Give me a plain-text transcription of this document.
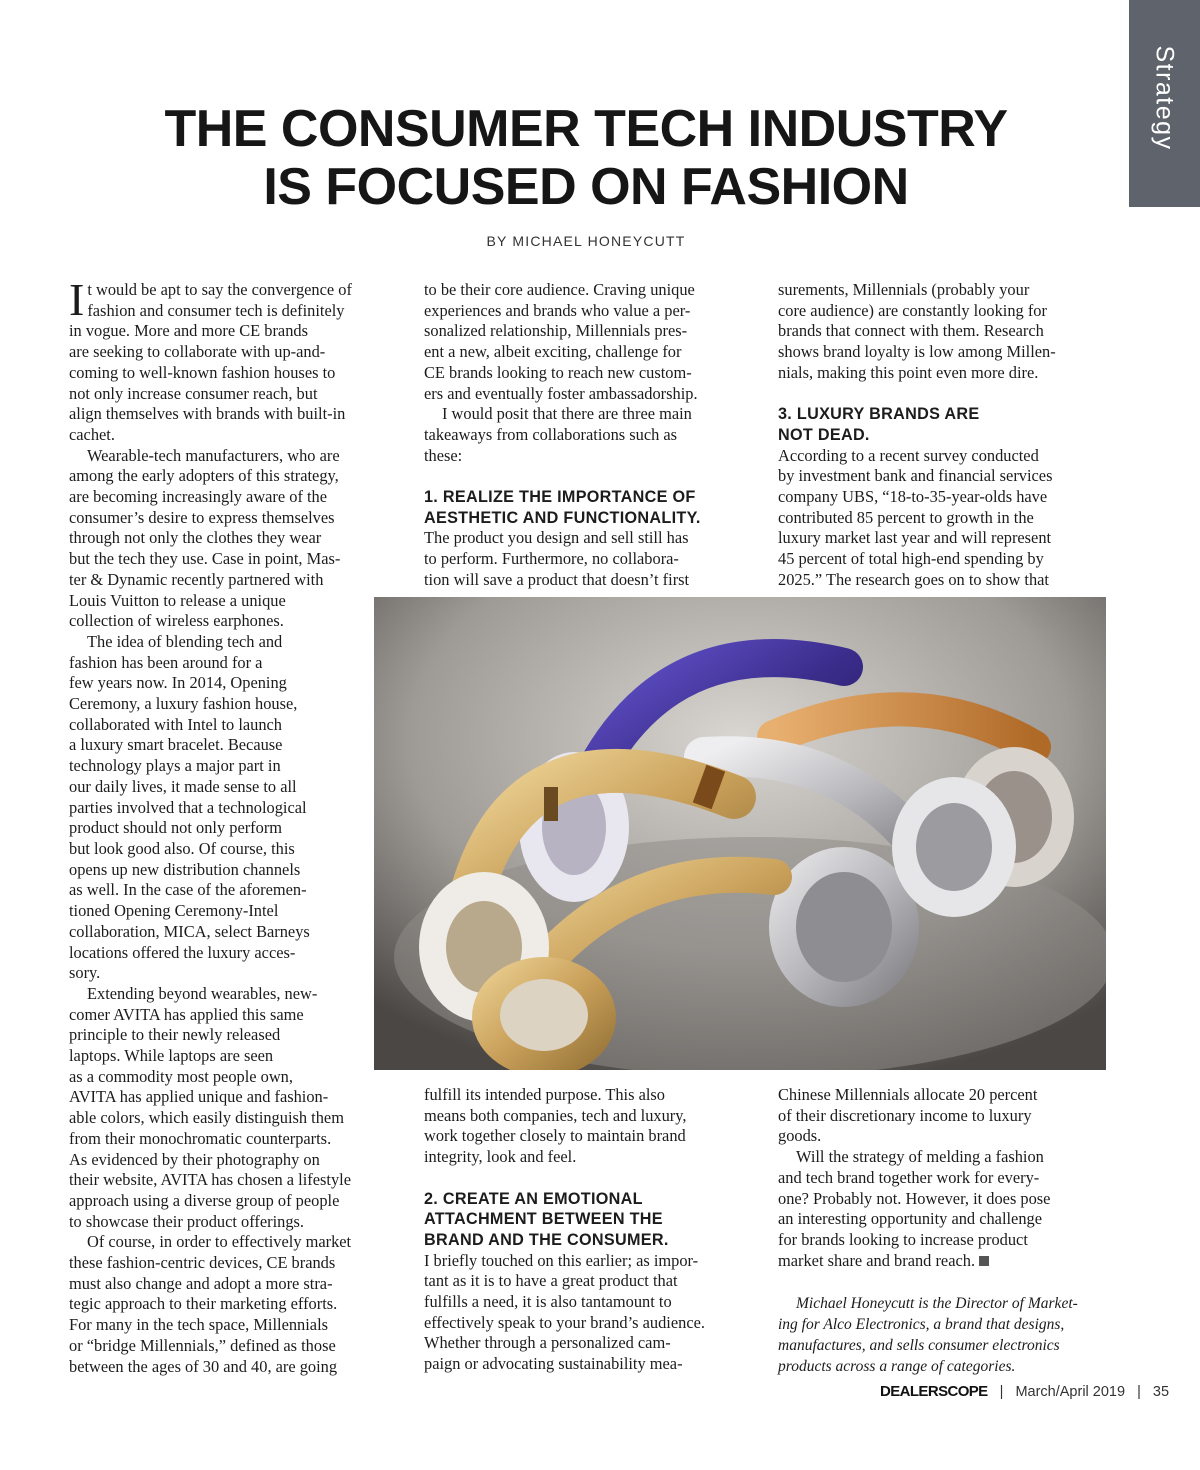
Strategy
THE CONSUMER TECH INDUSTRY
IS FOCUSED ON FASHION
BY MICHAEL HONEYCUTT

It would be apt to say the convergence of

fashion and consumer tech is definitely

in vogue. More and more CE brands

are seeking to collaborate with up-and-

coming to well-known fashion houses to

not only increase consumer reach, but

align themselves with brands with built-in

cachet.

Wearable-tech manufacturers, who are

among the early adopters of this strategy,

are becoming increasingly aware of the

consumer’s desire to express themselves

through not only the clothes they wear

but the tech they use. Case in point, Mas-

ter & Dynamic recently partnered with

Louis Vuitton to release a unique

collection of wireless earphones.

The idea of blending tech and

fashion has been around for a

few years now. In 2014, Opening

Ceremony, a luxury fashion house,

collaborated with Intel to launch

a luxury smart bracelet. Because

technology plays a major part in

our daily lives, it made sense to all

parties involved that a technological

product should not only perform

but look good also. Of course, this

opens up new distribution channels

as well. In the case of the aforemen-

tioned Opening Ceremony-Intel

collaboration, MICA, select Barneys

locations offered the luxury acces-

sory.

Extending beyond wearables, new-

comer AVITA has applied this same

principle to their newly released

laptops. While laptops are seen

as a commodity most people own,

AVITA has applied unique and fashion-

able colors, which easily distinguish them

from their monochromatic counterparts.

As evidenced by their photography on

their website, AVITA has chosen a lifestyle

approach using a diverse group of people

to showcase their product offerings.

Of course, in order to effectively market

these fashion-centric devices, CE brands

must also change and adopt a more stra-

tegic approach to their marketing efforts.

For many in the tech space, Millennials

or “bridge Millennials,” defined as those

between the ages of 30 and 40, are going

to be their core audience. Craving unique

experiences and brands who value a per-

sonalized relationship, Millennials pres-

ent a new, albeit exciting, challenge for

CE brands looking to reach new custom-

ers and eventually foster ambassadorship.

I would posit that there are three main

takeaways from collaborations such as

these:

1. REALIZE THE IMPORTANCE OF

AESTHETIC AND FUNCTIONALITY.

The product you design and sell still has

to perform. Furthermore, no collabora-

tion will save a product that doesn’t first

surements, Millennials (probably your

core audience) are constantly looking for

brands that connect with them. Research

shows brand loyalty is low among Millen-

nials, making this point even more dire.

3. LUXURY BRANDS ARE

NOT DEAD.

According to a recent survey conducted

by investment bank and financial services

company UBS, “18-to-35-year-olds have

contributed 85 percent to growth in the

luxury market last year and will represent

45 percent of total high-end spending by

2025.” The research goes on to show that

fulfill its intended purpose. This also

means both companies, tech and luxury,

work together closely to maintain brand

integrity, look and feel.

2. CREATE AN EMOTIONAL

ATTACHMENT BETWEEN THE

BRAND AND THE CONSUMER.

I briefly touched on this earlier; as impor-

tant as it is to have a great product that

fulfills a need, it is also tantamount to

effectively speak to your brand’s audience.

Whether through a personalized cam-

paign or advocating sustainability mea-

Chinese Millennials allocate 20 percent

of their discretionary income to luxury

goods.

Will the strategy of melding a fashion

and tech brand together work for every-

one? Probably not. However, it does pose

an interesting opportunity and challenge

for brands looking to increase product

market share and brand reach.

Michael Honeycutt is the Director of Market-

ing for Alco Electronics, a brand that designs,

manufactures, and sells consumer electronics

products across a range of categories.

DEALERSCOPE | March/April 2019 | 35
